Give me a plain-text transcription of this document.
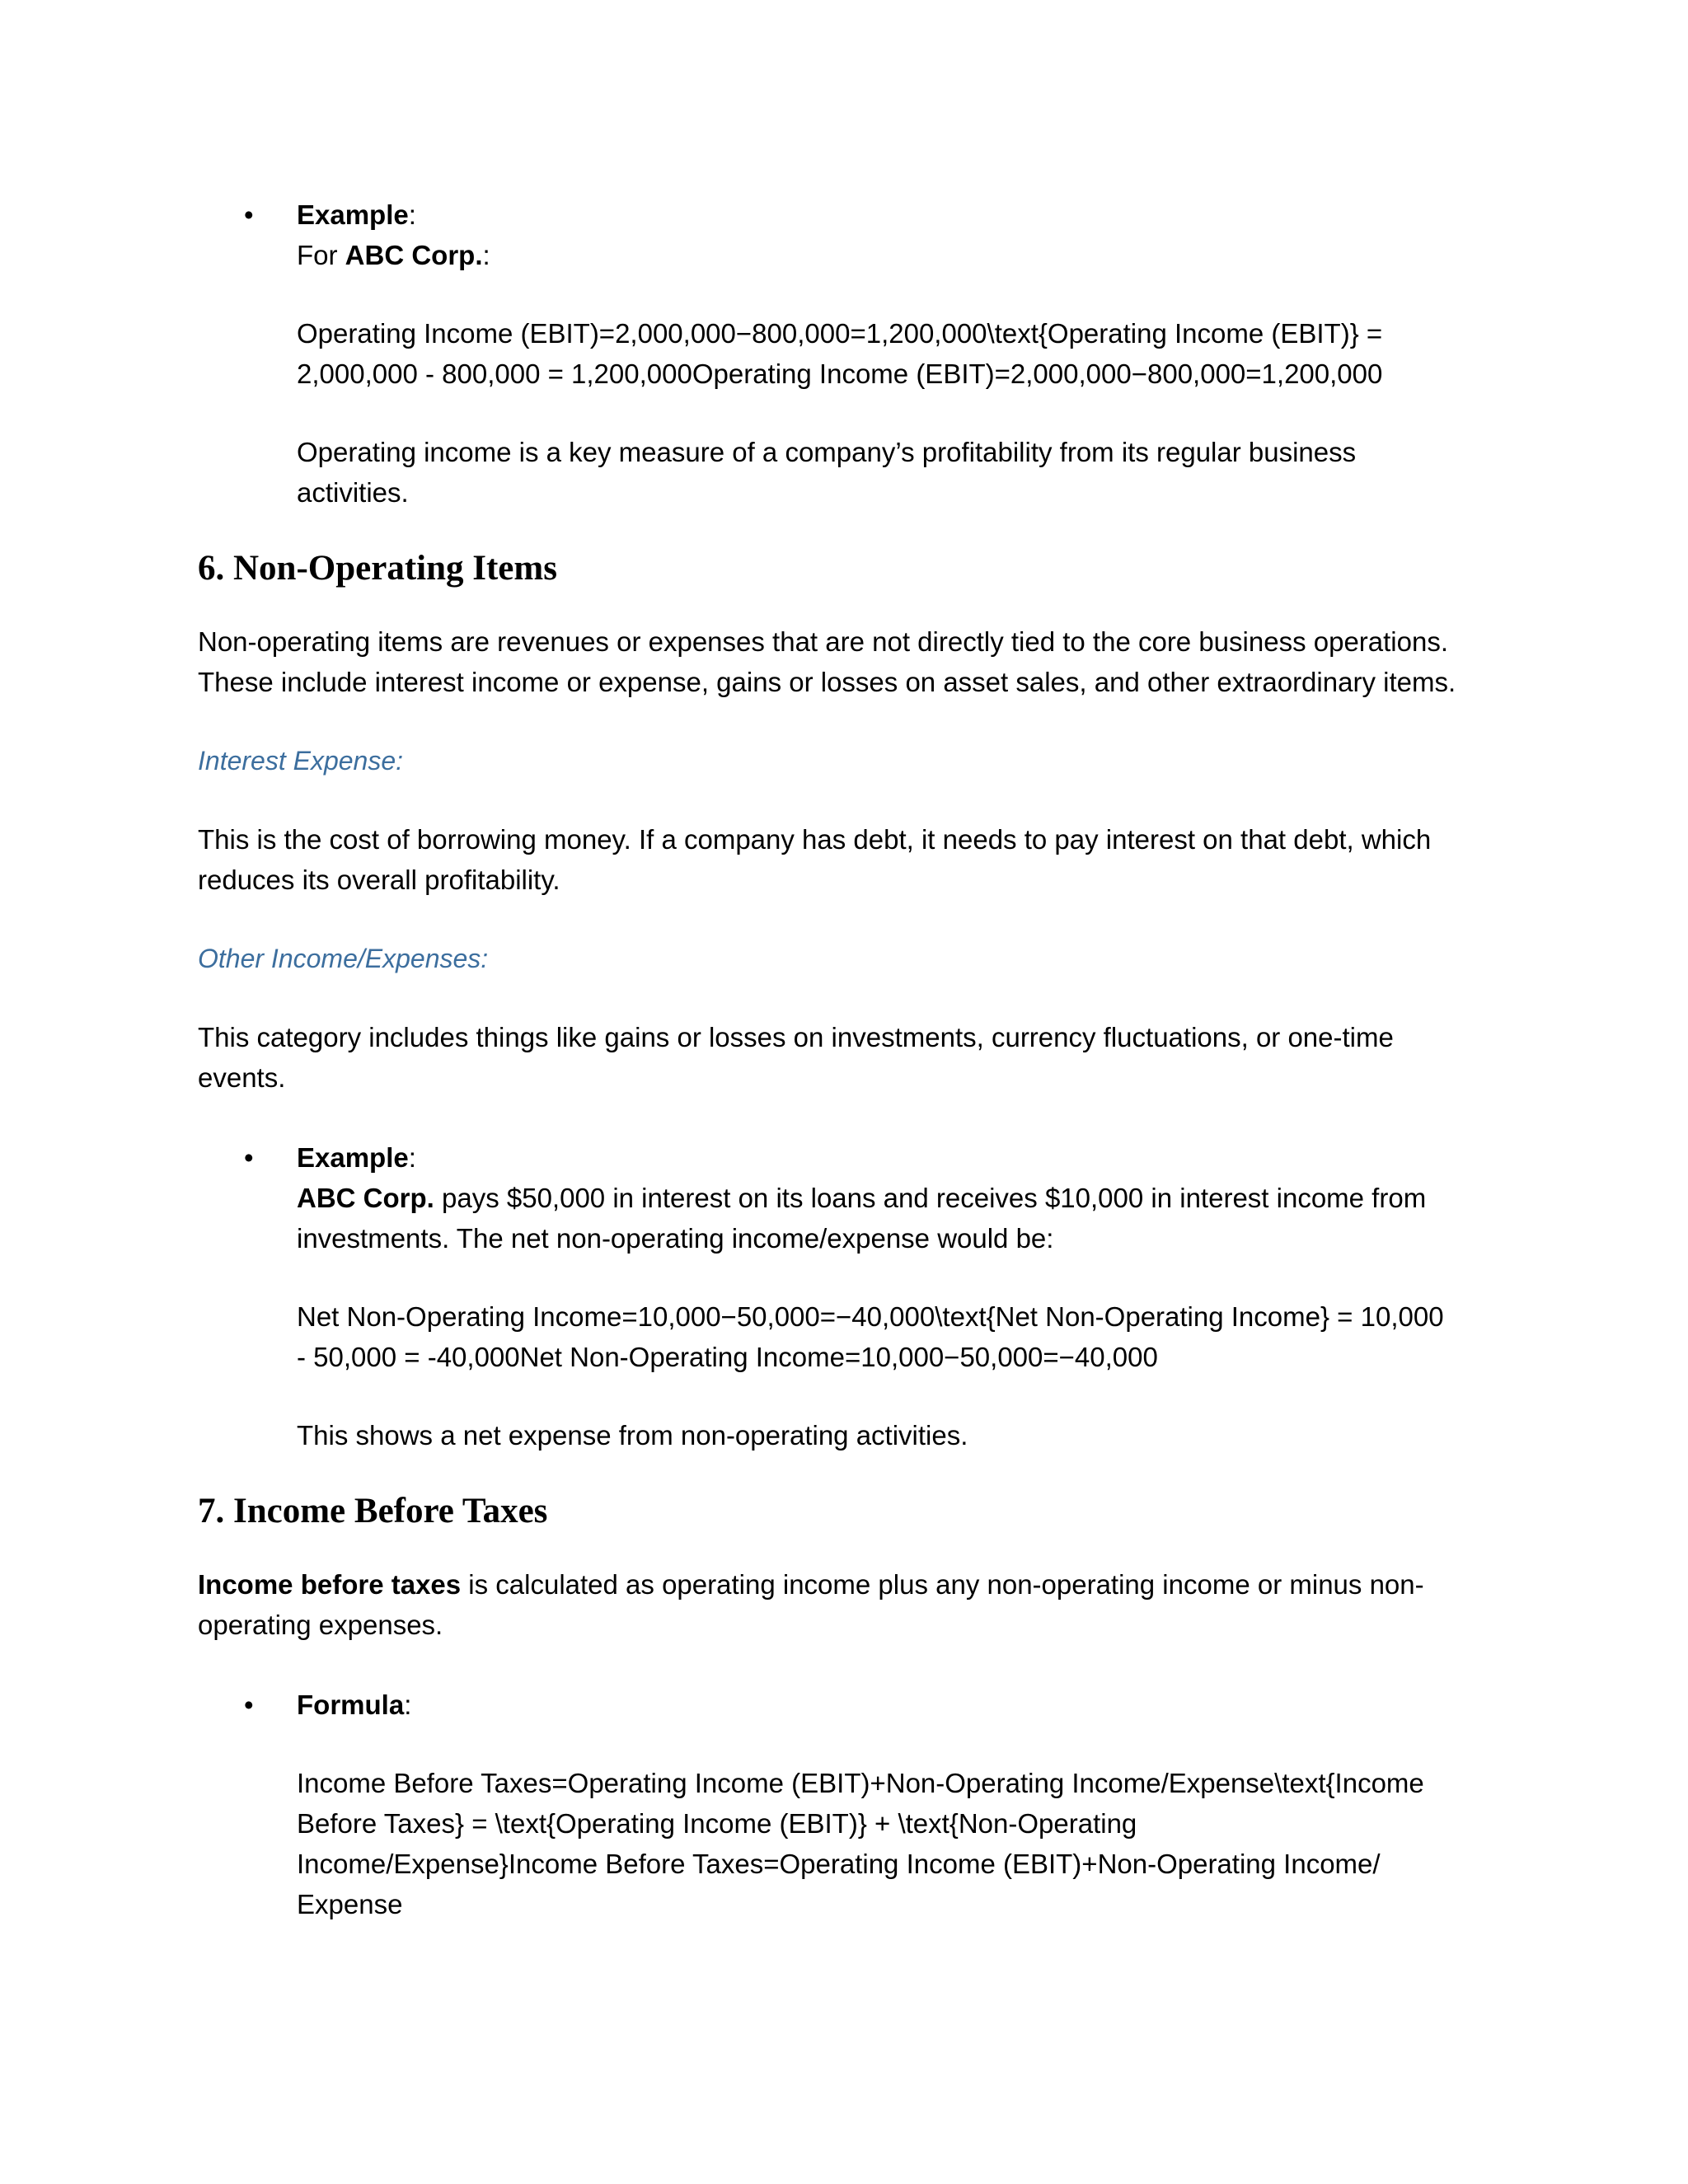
• Example:

For ABC Corp.:

Operating Income (EBIT)=2,000,000−800,000=1,200,000\text{Operating Income (EBIT)} =

2,000,000 - 800,000 = 1,200,000Operating Income (EBIT)=2,000,000−800,000=1,200,000

Operating income is a key measure of a company’s profitability from its regular business

activities.

6. Non-Operating Items

Non-operating items are revenues or expenses that are not directly tied to the core business operations.

These include interest income or expense, gains or losses on asset sales, and other extraordinary items.

Interest Expense:

This is the cost of borrowing money. If a company has debt, it needs to pay interest on that debt, which

reduces its overall profitability.

Other Income/Expenses:

This category includes things like gains or losses on investments, currency fluctuations, or one-time

events.

• Example:

ABC Corp. pays $50,000 in interest on its loans and receives $10,000 in interest income from

investments. The net non-operating income/expense would be:

Net Non-Operating Income=10,000−50,000=−40,000\text{Net Non-Operating Income} = 10,000

- 50,000 = -40,000Net Non-Operating Income=10,000−50,000=−40,000

This shows a net expense from non-operating activities.

7. Income Before Taxes

Income before taxes is calculated as operating income plus any non-operating income or minus non-

operating expenses.

• Formula:

Income Before Taxes=Operating Income (EBIT)+Non-Operating Income/Expense\text{Income

Before Taxes} = \text{Operating Income (EBIT)} + \text{Non-Operating

Income/Expense}Income Before Taxes=Operating Income (EBIT)+Non-Operating Income/

Expense
